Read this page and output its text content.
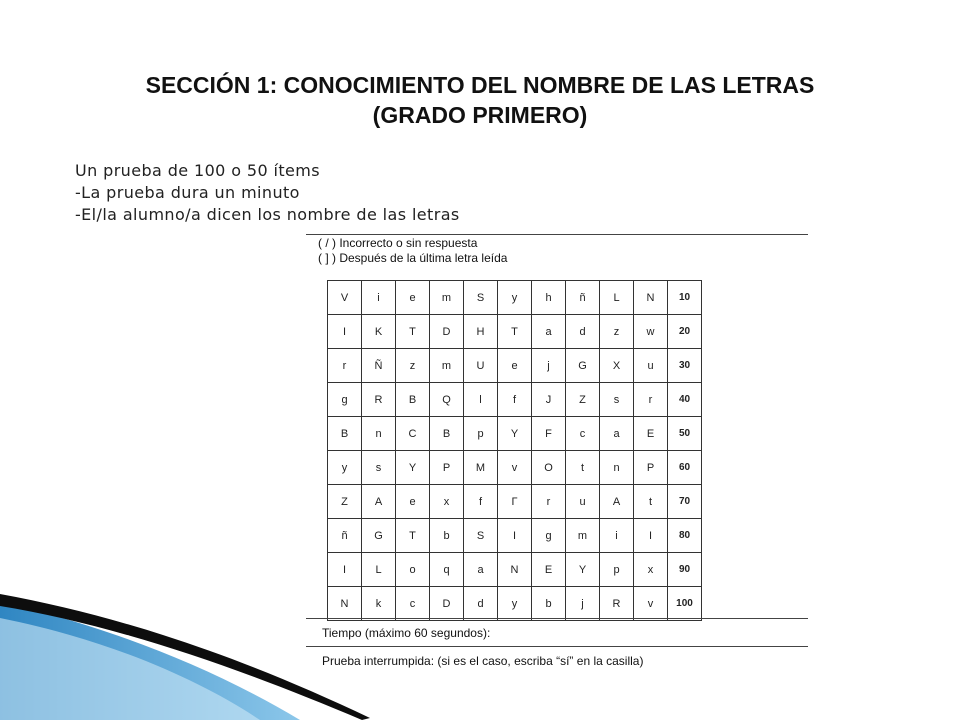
SECCIÓN 1: CONOCIMIENTO DEL NOMBRE DE LAS LETRAS
(GRADO PRIMERO)
Un prueba de 100 o 50 ítems
-La prueba dura un minuto
-El/la alumno/a dicen los nombre de las letras
( / ) Incorrecto o sin respuesta
( ] ) Después de la última letra leída
V	i	e	m	S	y	h	ñ	L	N	10
I	K	T	D	H	T	a	d	z	w	20
r	Ñ	z	m	U	e	j	G	X	u	30
g	R	B	Q	l	f	J	Z	s	r	40
B	n	C	B	p	Y	F	c	a	E	50
y	s	Y	P	M	v	O	t	n	P	60
Z	A	e	x	f	Γ	r	u	A	t	70
ñ	G	T	b	S	I	g	m	i	I	80
I	L	o	q	a	N	E	Y	p	x	90
N	k	c	D	d	y	b	j	R	v	100
Tiempo (máximo 60 segundos):
Prueba interrumpida: (si es el caso, escriba “sí” en la casilla)
